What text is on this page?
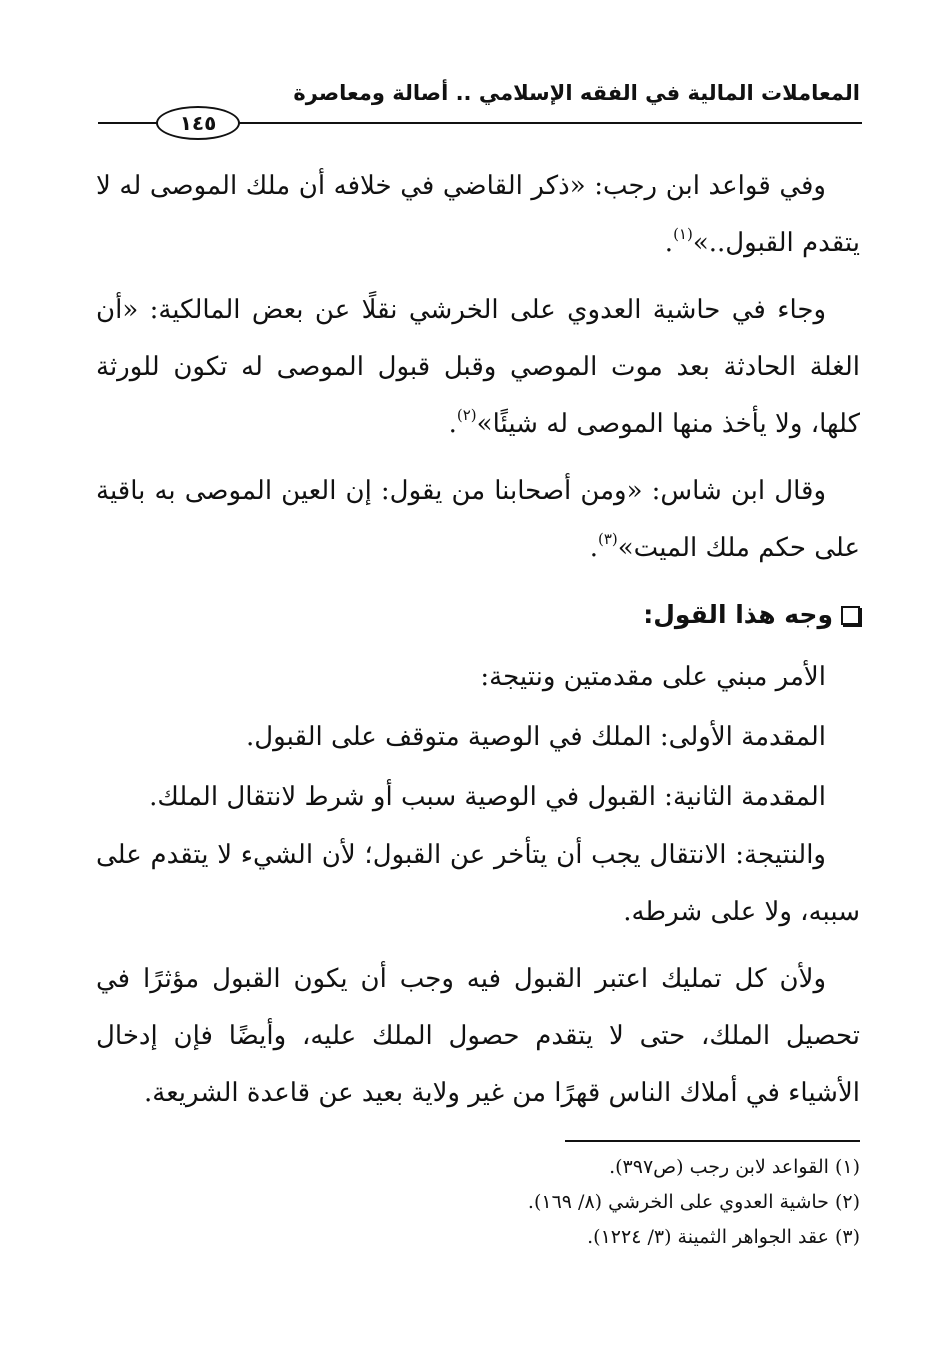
المعاملات المالية في الفقه الإسلامي .. أصالة ومعاصرة
١٤٥

وفي قواعد ابن رجب: «ذكر القاضي في خلافه أن ملك الموصى له لا يتقدم القبول..»$^{(١)}$.

وجاء في حاشية العدوي على الخرشي نقلًا عن بعض المالكية: «أن الغلة الحادثة بعد موت الموصي وقبل قبول الموصى له تكون للورثة كلها، ولا يأخذ منها الموصى له شيئًا»$^{(٢)}$.

وقال ابن شاس: «ومن أصحابنا من يقول: إن العين الموصى به باقية على حكم ملك الميت»$^{(٣)}$.

وجه هذا القول:

الأمر مبني على مقدمتين ونتيجة:

المقدمة الأولى: الملك في الوصية متوقف على القبول.

المقدمة الثانية: القبول في الوصية سبب أو شرط لانتقال الملك.

والنتيجة: الانتقال يجب أن يتأخر عن القبول؛ لأن الشيء لا يتقدم على سببه، ولا على شرطه.

ولأن كل تمليك اعتبر القبول فيه وجب أن يكون القبول مؤثرًا في تحصيل الملك، حتى لا يتقدم حصول الملك عليه، وأيضًا فإن إدخال الأشياء في أملاك الناس قهرًا من غير ولاية بعيد عن قاعدة الشريعة.

(١) القواعد لابن رجب (ص٣٩٧).

(٢) حاشية العدوي على الخرشي (٨/ ١٦٩).

(٣) عقد الجواهر الثمينة (٣/ ١٢٢٤).
